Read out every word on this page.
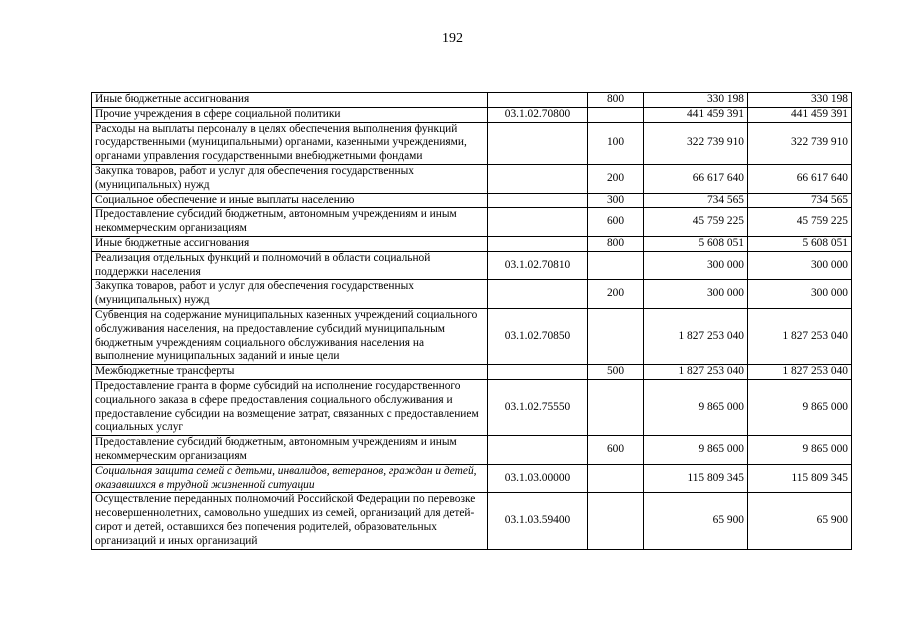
192
Иные бюджетные ассигнования		800	330 198	330 198
Прочие учреждения в сфере социальной политики	03.1.02.70800		441 459 391	441 459 391
Расходы на выплаты персоналу в целях обеспечения выполнения функций государственными (муниципальными) органами, казенными учреждениями, органами управления государственными внебюджетными фондами		100	322 739 910	322 739 910
Закупка товаров, работ и услуг для обеспечения государственных (муниципальных) нужд		200	66 617 640	66 617 640
Социальное обеспечение и иные выплаты населению		300	734 565	734 565
Предоставление субсидий бюджетным, автономным учреждениям и иным некоммерческим организациям		600	45 759 225	45 759 225
Иные бюджетные ассигнования		800	5 608 051	5 608 051
Реализация отдельных функций и полномочий в области социальной поддержки населения	03.1.02.70810		300 000	300 000
Закупка товаров, работ и услуг для обеспечения государственных (муниципальных) нужд		200	300 000	300 000
Субвенция на содержание муниципальных казенных учреждений социального обслуживания населения, на предоставление субсидий муниципальным бюджетным учреждениям социального обслуживания населения на выполнение муниципальных заданий и иные цели	03.1.02.70850		1 827 253 040	1 827 253 040
Межбюджетные трансферты		500	1 827 253 040	1 827 253 040
Предоставление гранта в форме субсидий на исполнение государственного социального заказа в сфере предоставления социального обслуживания и предоставление субсидии на возмещение затрат, связанных с предоставлением социальных услуг	03.1.02.75550		9 865 000	9 865 000
Предоставление субсидий бюджетным, автономным учреждениям и иным некоммерческим организациям		600	9 865 000	9 865 000
Социальная защита семей с детьми, инвалидов, ветеранов, граждан и детей, оказавшихся в трудной жизненной ситуации	03.1.03.00000		115 809 345	115 809 345
Осуществление переданных полномочий Российской Федерации по перевозке несовершеннолетних, самовольно ушедших из семей, организаций для детей-сирот и детей, оставшихся без попечения родителей, образовательных организаций и иных организаций	03.1.03.59400		65 900	65 900
